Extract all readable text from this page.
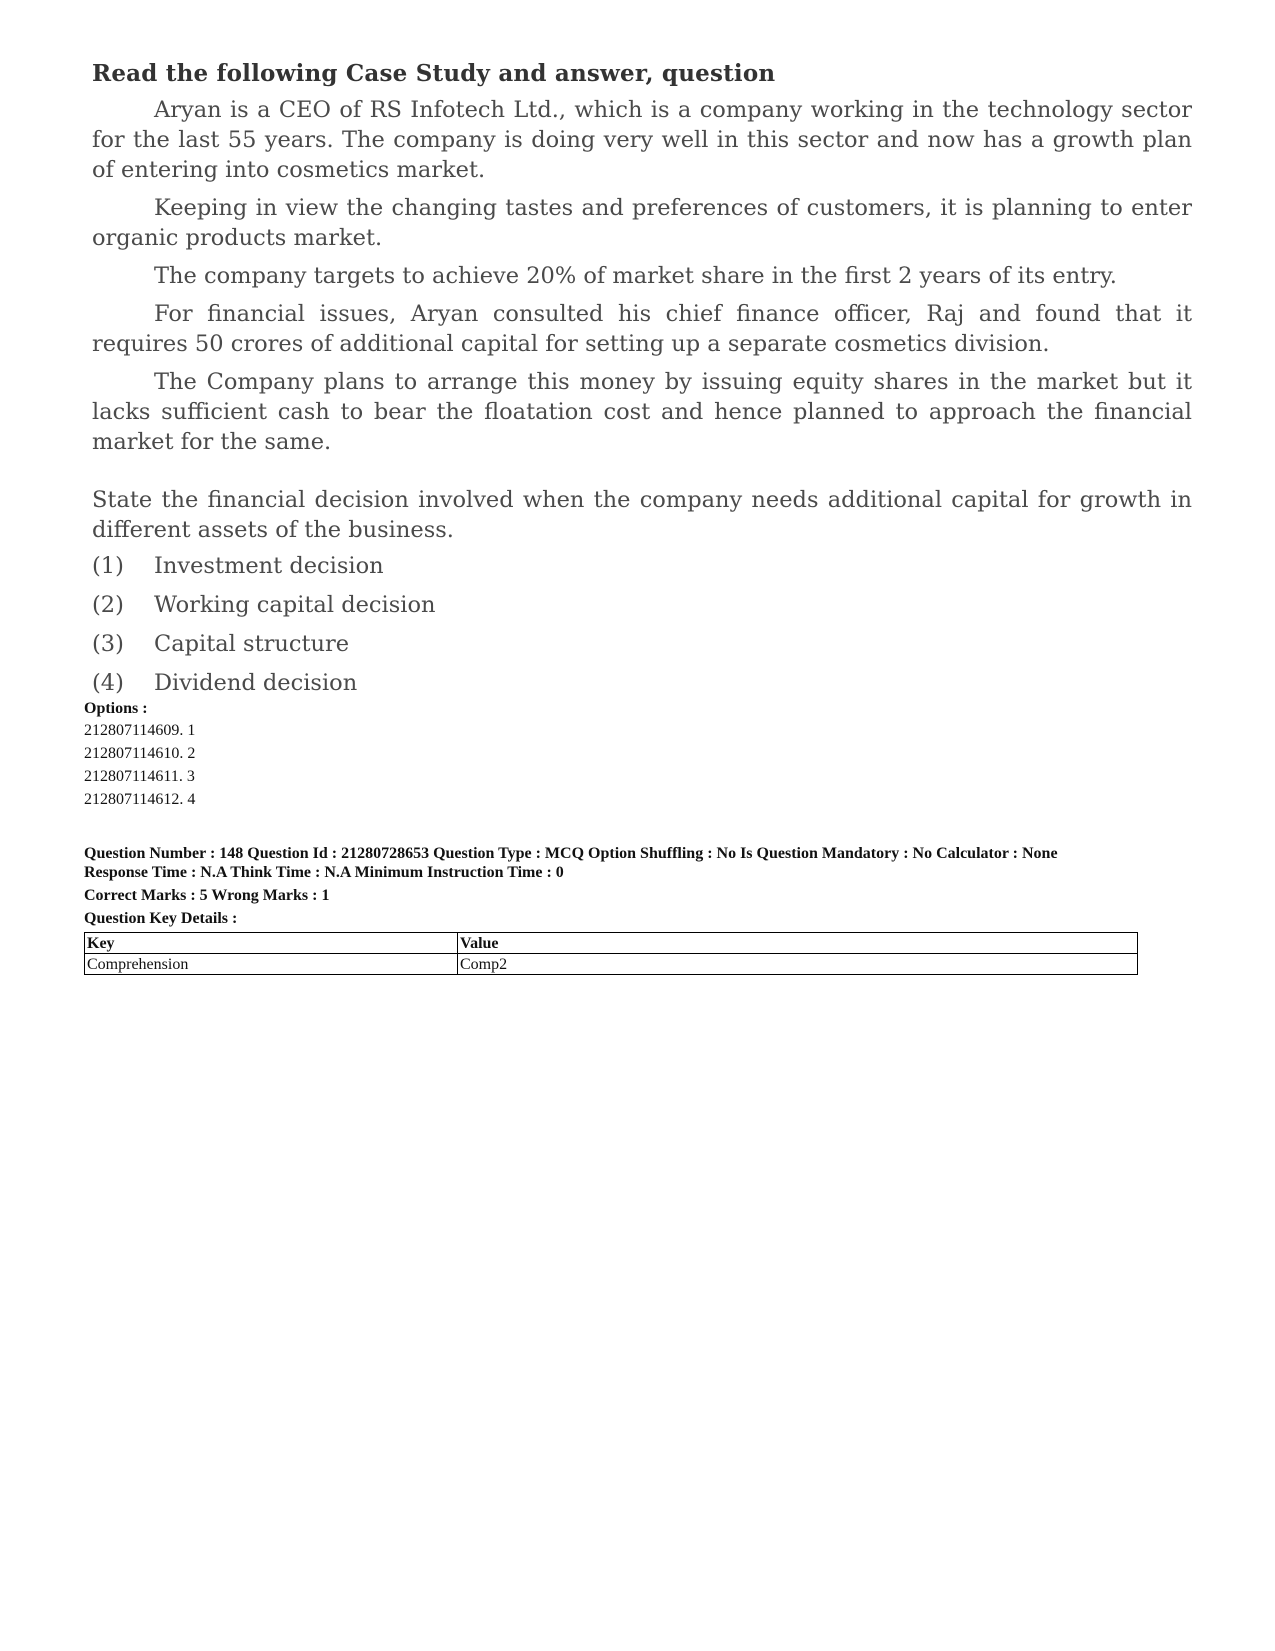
Read the following Case Study and answer, question

Aryan is a CEO of RS Infotech Ltd., which is a company working in the technology sector for the last 55 years. The company is doing very well in this sector and now has a growth plan of entering into cosmetics market.

Keeping in view the changing tastes and preferences of customers, it is planning to enter organic products market.

The company targets to achieve 20% of market share in the first 2 years of its entry.

For financial issues, Aryan consulted his chief finance officer, Raj and found that it requires 50 crores of additional capital for setting up a separate cosmetics division.

The Company plans to arrange this money by issuing equity shares in the market but it lacks sufficient cash to bear the floatation cost and hence planned to approach the financial market for the same.

State the financial decision involved when the company needs additional capital for growth in different assets of the business.

(1)	Investment decision
(2)	Working capital decision
(3)	Capital structure
(4)	Dividend decision
Options :
212807114609. 1
212807114610. 2
212807114611. 3
212807114612. 4
Question Number : 148 Question Id : 21280728653 Question Type : MCQ Option Shuffling : No Is Question Mandatory : No Calculator : None
Response Time : N.A Think Time : N.A Minimum Instruction Time : 0
Correct Marks : 5 Wrong Marks : 1
Question Key Details :
Key	Value
Comprehension	Comp2
